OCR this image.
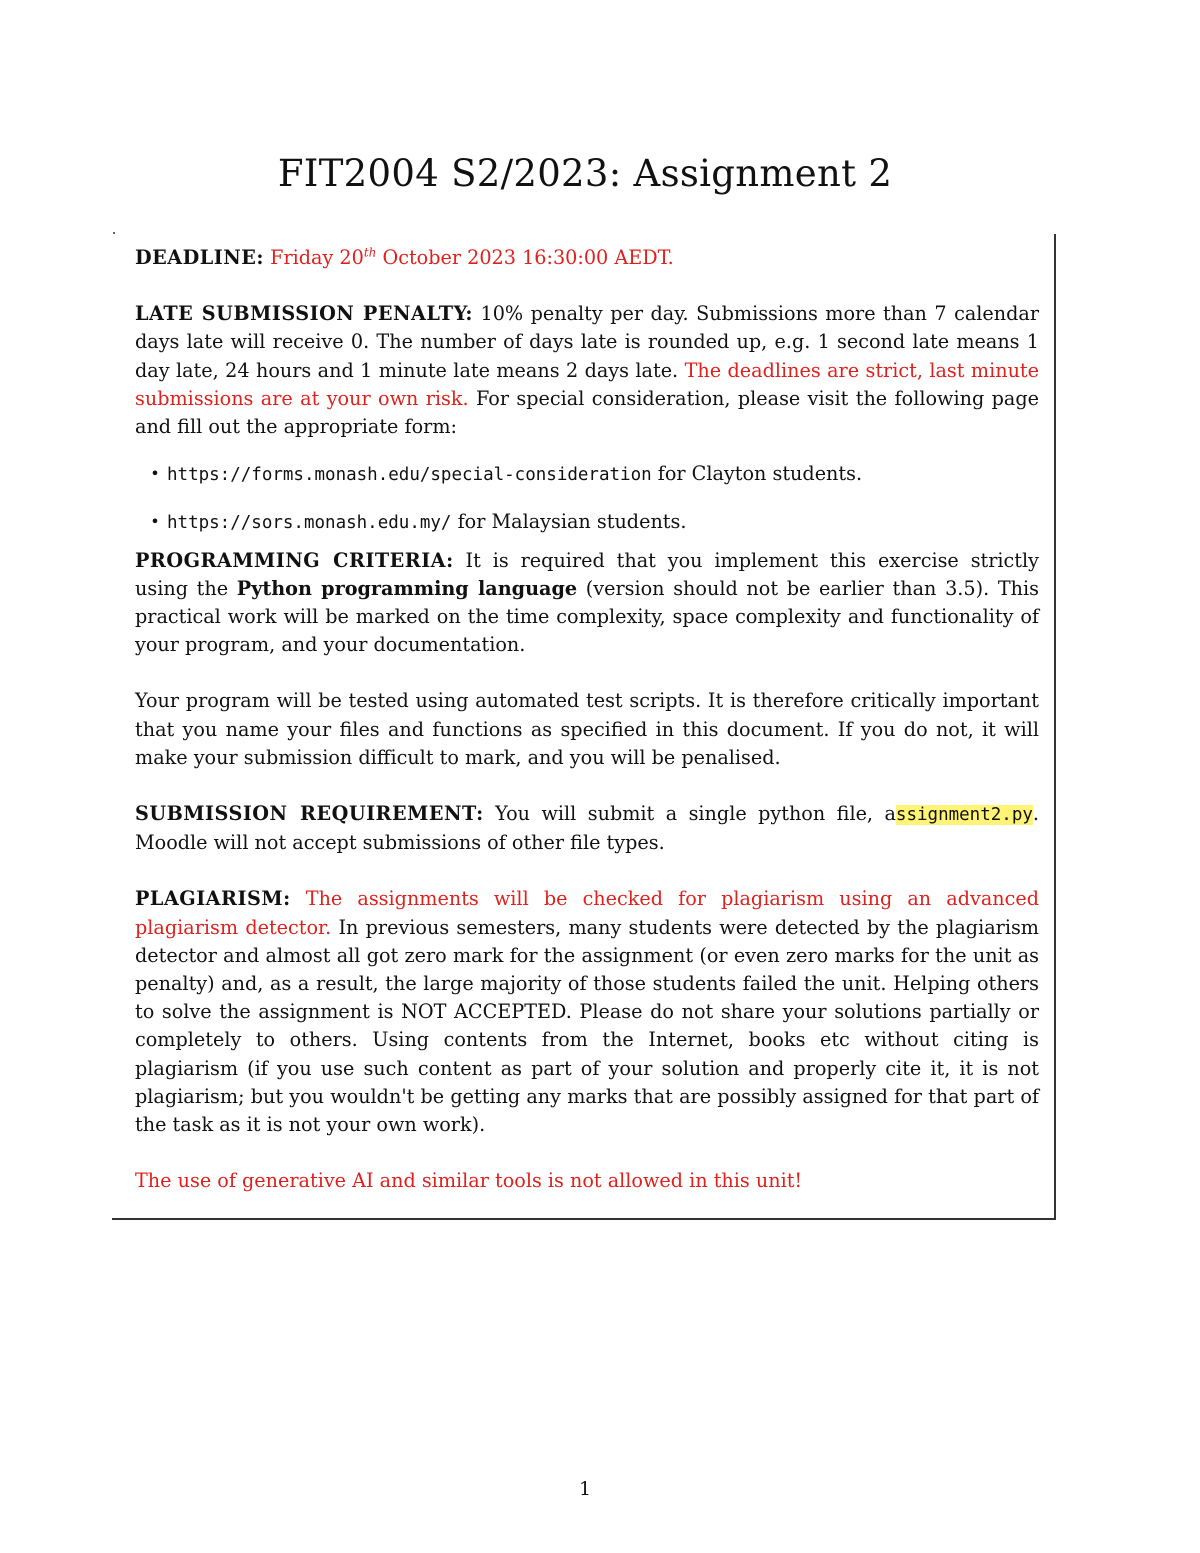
FIT2004 S2/2023: Assignment 2

DEADLINE: Friday 20th October 2023 16:30:00 AEDT.

LATE SUBMISSION PENALTY: 10% penalty per day. Submissions more than 7 calendar days late will receive 0. The number of days late is rounded up, e.g. 1 second late means 1 day late, 24 hours and 1 minute late means 2 days late. The deadlines are strict, last minute submissions are at your own risk. For special consideration, please visit the following page and fill out the appropriate form:

• https://forms.monash.edu/special-consideration for Clayton students.
• https://sors.monash.edu.my/ for Malaysian students.

PROGRAMMING CRITERIA: It is required that you implement this exercise strictly using the Python programming language (version should not be earlier than 3.5). This practical work will be marked on the time complexity, space complexity and functionality of your program, and your documentation.

Your program will be tested using automated test scripts. It is therefore critically important that you name your files and functions as specified in this document. If you do not, it will make your submission difficult to mark, and you will be penalised.

SUBMISSION REQUIREMENT: You will submit a single python file, assignment2.py. Moodle will not accept submissions of other file types.

PLAGIARISM: The assignments will be checked for plagiarism using an advanced plagiarism detector. In previous semesters, many students were detected by the plagiarism detector and almost all got zero mark for the assignment (or even zero marks for the unit as penalty) and, as a result, the large majority of those students failed the unit. Helping others to solve the assignment is NOT ACCEPTED. Please do not share your solutions partially or completely to others. Using contents from the Internet, books etc without citing is plagiarism (if you use such content as part of your solution and properly cite it, it is not plagiarism; but you wouldn't be getting any marks that are possibly assigned for that part of the task as it is not your own work).

The use of generative AI and similar tools is not allowed in this unit!

1
